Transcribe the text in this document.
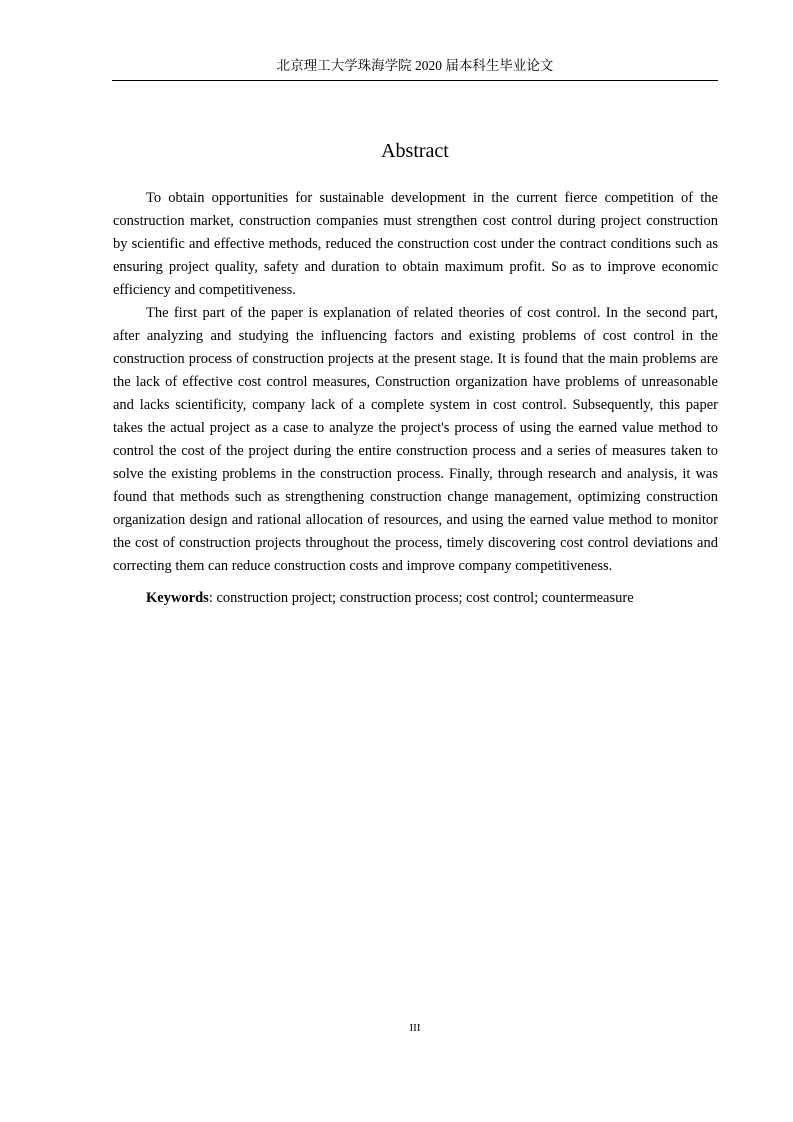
北京理工大学珠海学院 2020 届本科生毕业论文
Abstract

To obtain opportunities for sustainable development in the current fierce competition of the construction market, construction companies must strengthen cost control during project construction by scientific and effective methods, reduced the construction cost under the contract conditions such as ensuring project quality, safety and duration to obtain maximum profit. So as to improve economic efficiency and competitiveness.

The first part of the paper is explanation of related theories of cost control. In the second part, after analyzing and studying the influencing factors and existing problems of cost control in the construction process of construction projects at the present stage. It is found that the main problems are the lack of effective cost control measures, Construction organization have problems of unreasonable and lacks scientificity, company lack of a complete system in cost control. Subsequently, this paper takes the actual project as a case to analyze the project's process of using the earned value method to control the cost of the project during the entire construction process and a series of measures taken to solve the existing problems in the construction process. Finally, through research and analysis, it was found that methods such as strengthening construction change management, optimizing construction organization design and rational allocation of resources, and using the earned value method to monitor the cost of construction projects throughout the process, timely discovering cost control deviations and correcting them can reduce construction costs and improve company competitiveness.

Keywords: construction project; construction process; cost control; countermeasure

III
